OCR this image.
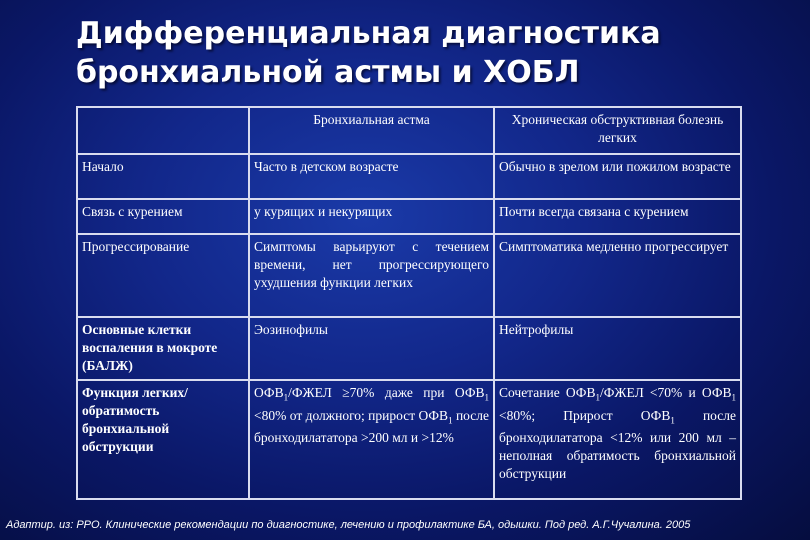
Дифференциальная диагностика
бронхиальной астмы и ХОБЛ
	Бронхиальная астма	Хроническая обструктивная болезнь легких
Начало	Часто в детском возрасте	Обычно в зрелом или пожилом возрасте
Связь с курением	у курящих и некурящих	Почти всегда связана с курением
Прогрессирование	Симптомы варьируют с течением времени, нет прогрессирующего ухудшения функции легких	Симптоматика медленно прогрессирует
Основные клетки воспаления в мокроте (БАЛЖ)	Эозинофилы	Нейтрофилы
Функция легких/обратимость бронхиальной обструкции	$ОФВ_1$/ФЖЕЛ ≥70% даже при $ОФВ_1 <80\%$ от должного; прирост $ОФВ_1$ после бронходилататора >200 мл и >12%	Сочетание $ОФВ_1$/ФЖЕЛ <70% и $ОФВ_1 <80\%$; Прирост $ОФВ_1$ после бронходилататора <12% или 200 мл – неполная обратимость бронхиальной обструкции
Адаптир. из: РРО. Клинические рекомендации по диагностике, лечению и профилактике БА, одышки. Под ред. А.Г.Чучалина. 2005
